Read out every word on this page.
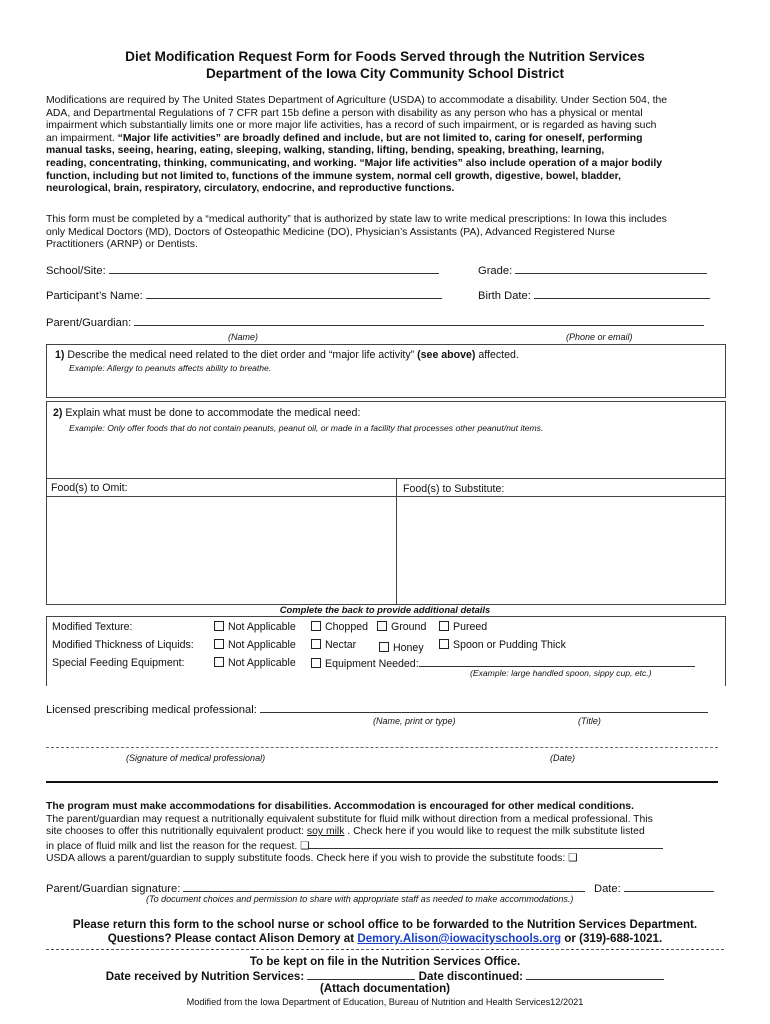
Diet Modification Request Form for Foods Served through the Nutrition Services
Department of the Iowa City Community School District
Modifications are required by The United States Department of Agriculture (USDA) to accommodate a disability. Under Section 504, the
ADA, and Departmental Regulations of 7 CFR part 15b define a person with disability as any person who has a physical or mental
impairment which substantially limits one or more major life activities, has a record of such impairment, or is regarded as having such
an impairment. “Major life activities” are broadly defined and include, but are not limited to, caring for oneself, performing
manual tasks, seeing, hearing, eating, sleeping, walking, standing, lifting, bending, speaking, breathing, learning,
reading, concentrating, thinking, communicating, and working. “Major life activities” also include operation of a major bodily
function, including but not limited to, functions of the immune system, normal cell growth, digestive, bowel, bladder,
neurological, brain, respiratory, circulatory, endocrine, and reproductive functions.
This form must be completed by a “medical authority” that is authorized by state law to write medical prescriptions: In Iowa this includes
only Medical Doctors (MD), Doctors of Osteopathic Medicine (DO), Physician’s Assistants (PA), Advanced Registered Nurse
Practitioners (ARNP) or Dentists.
School/Site:	Grade:
Participant’s Name:	Birth Date:
Parent/Guardian:
(Name)	(Phone or email)
1) Describe the medical need related to the diet order and “major life activity” (see above) affected.
Example: Allergy to peanuts affects ability to breathe.
2) Explain what must be done to accommodate the medical need:
Example: Only offer foods that do not contain peanuts, peanut oil, or made in a facility that processes other peanut/nut items.
Food(s) to Omit:	Food(s) to Substitute:
Complete the back to provide additional details
Modified Texture:	Not Applicable	Chopped	Ground	Pureed
Modified Thickness of Liquids:	Not Applicable	Nectar	Honey	Spoon or Pudding Thick
Special Feeding Equipment:	Not Applicable	Equipment Needed:
(Example: large handled spoon, sippy cup, etc.)
Licensed prescribing medical professional:
(Name, print or type)	(Title)
(Signature of medical professional)	(Date)
The program must make accommodations for disabilities. Accommodation is encouraged for other medical conditions.
The parent/guardian may request a nutritionally equivalent substitute for fluid milk without direction from a medical professional. This
site chooses to offer this nutritionally equivalent product: soy milk . Check here if you would like to request the milk substitute listed
in place of fluid milk and list the reason for the request. ❑
USDA allows a parent/guardian to supply substitute foods. Check here if you wish to provide the substitute foods: ❑
Parent/Guardian signature:	Date:
(To document choices and permission to share with appropriate staff as needed to make accommodations.)
Please return this form to the school nurse or school office to be forwarded to the Nutrition Services Department.
Questions? Please contact Alison Demory at Demory.Alison@iowacityschools.org or (319)-688-1021.
To be kept on file in the Nutrition Services Office.
Date received by Nutrition Services:	Date discontinued:
(Attach documentation)
Modified from the Iowa Department of Education, Bureau of Nutrition and Health Services12/2021
